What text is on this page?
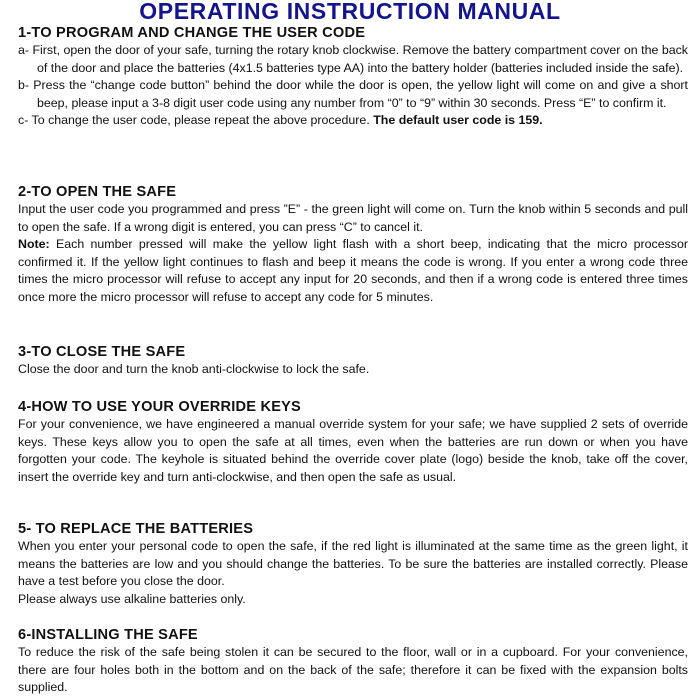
OPERATING INSTRUCTION MANUAL
1-TO PROGRAM AND CHANGE THE USER CODE

a- First, open the door of your safe, turning the rotary knob clockwise. Remove the battery compartment cover on the back of the door and place the batteries (4x1.5 batteries type AA) into the battery holder (batteries included inside the safe).

b- Press the “change code button” behind the door while the door is open, the yellow light will come on and give a short beep, please input a 3-8 digit user code using any number from “0” to “9” within 30 seconds. Press “E” to confirm it.

c- To change the user code, please repeat the above procedure. The default user code is 159.

2-TO OPEN THE SAFE

Input the user code you programmed and press ”E” - the green light will come on. Turn the knob within 5 seconds and pull to open the safe. If a wrong digit is entered, you can press “C” to cancel it.

Note: Each number pressed will make the yellow light flash with a short beep, indicating that the micro processor confirmed it. If the yellow light continues to flash and beep it means the code is wrong. If you enter a wrong code three times the micro processor will refuse to accept any input for 20 seconds, and then if a wrong code is entered three times once more the micro processor will refuse to accept any code for 5 minutes.

3-TO CLOSE THE SAFE

Close the door and turn the knob anti-clockwise to lock the safe.

4-HOW TO USE YOUR OVERRIDE KEYS

For your convenience, we have engineered a manual override system for your safe; we have supplied 2 sets of override keys. These keys allow you to open the safe at all times, even when the batteries are run down or when you have forgotten your code. The keyhole is situated behind the override cover plate (logo) beside the knob, take off the cover, insert the override key and turn anti-clockwise, and then open the safe as usual.

5- TO REPLACE THE BATTERIES

When you enter your personal code to open the safe, if the red light is illuminated at the same time as the green light, it means the batteries are low and you should change the batteries. To be sure the batteries are installed correctly. Please have a test before you close the door.

Please always use alkaline batteries only.

6-INSTALLING THE SAFE

To reduce the risk of the safe being stolen it can be secured to the floor, wall or in a cupboard. For your convenience, there are four holes both in the bottom and on the back of the safe; therefore it can be fixed with the expansion bolts supplied.
